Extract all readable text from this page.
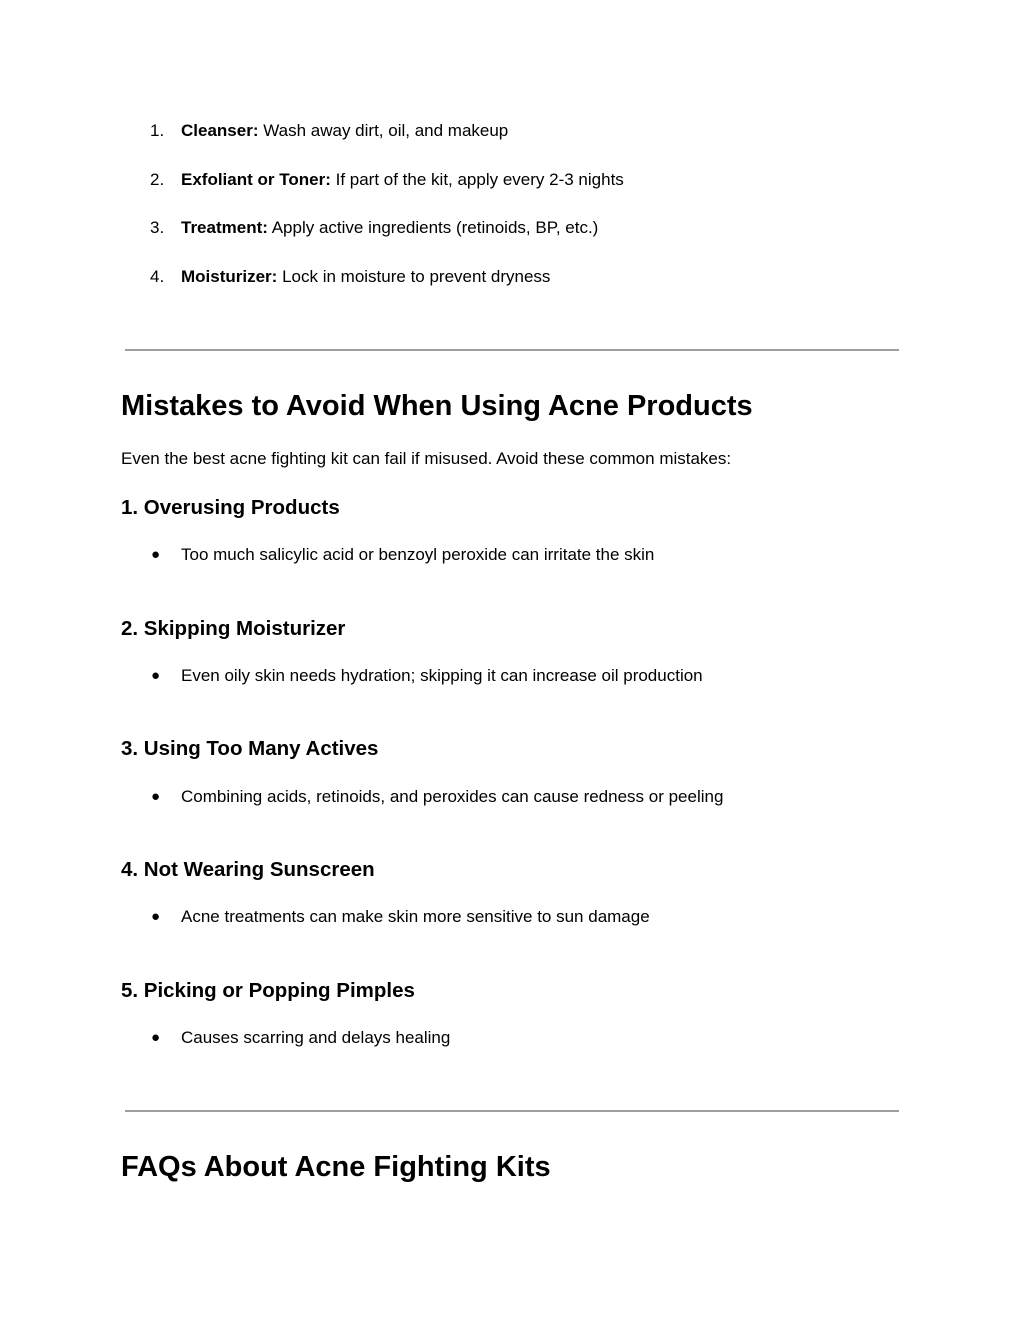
1. Cleanser: Wash away dirt, oil, and makeup
2. Exfoliant or Toner: If part of the kit, apply every 2-3 nights
3. Treatment: Apply active ingredients (retinoids, BP, etc.)
4. Moisturizer: Lock in moisture to prevent dryness
Mistakes to Avoid When Using Acne Products
Even the best acne fighting kit can fail if misused. Avoid these common mistakes:
1. Overusing Products
● Too much salicylic acid or benzoyl peroxide can irritate the skin
2. Skipping Moisturizer
● Even oily skin needs hydration; skipping it can increase oil production
3. Using Too Many Actives
● Combining acids, retinoids, and peroxides can cause redness or peeling
4. Not Wearing Sunscreen
● Acne treatments can make skin more sensitive to sun damage
5. Picking or Popping Pimples
● Causes scarring and delays healing
FAQs About Acne Fighting Kits
